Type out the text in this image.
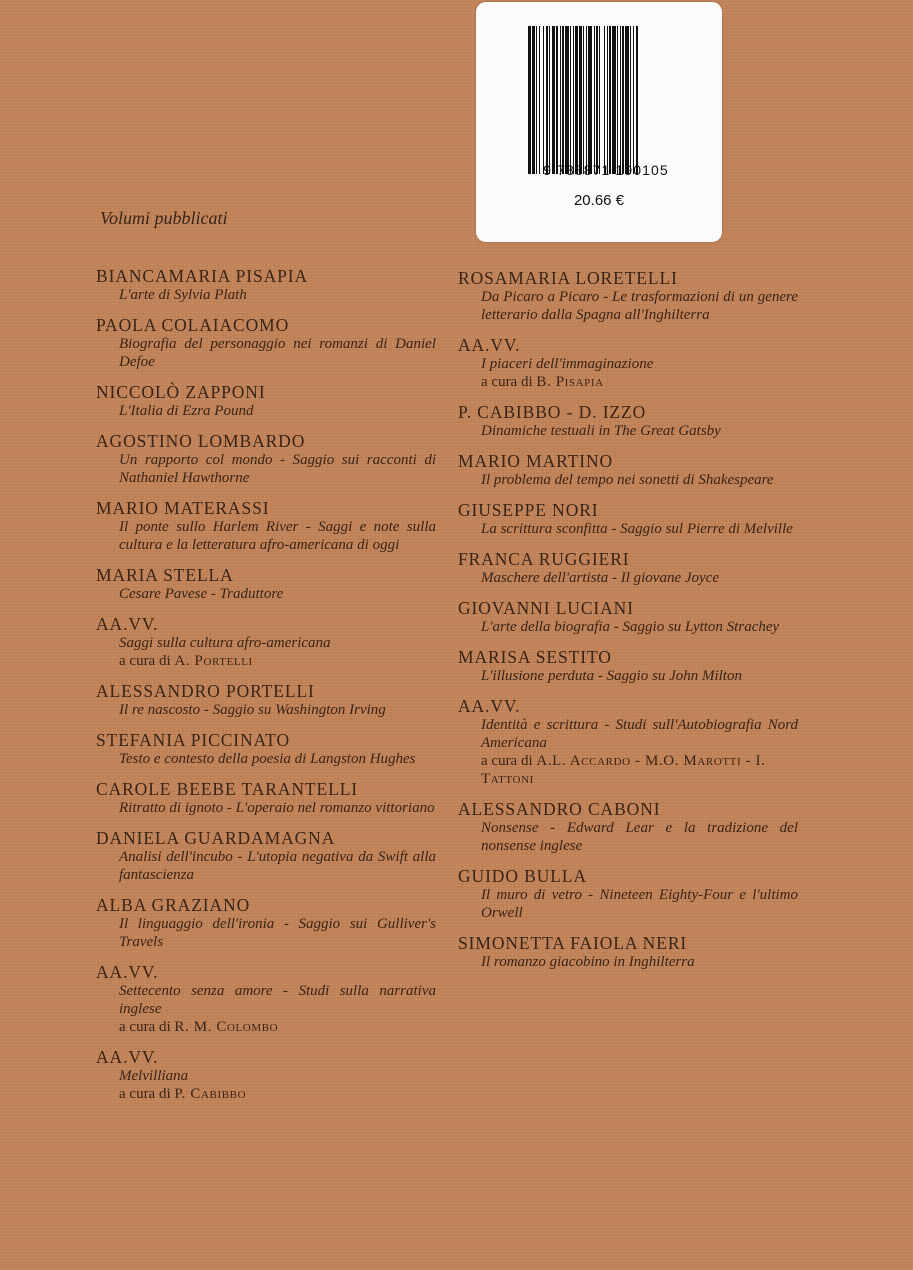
9 788871 190105
20.66 €
Volumi pubblicati
BIANCAMARIA PISAPIA
L'arte di Sylvia Plath
PAOLA COLAIACOMO
Biografia del personaggio nei romanzi di Daniel Defoe
NICCOLÒ ZAPPONI
L'Italia di Ezra Pound
AGOSTINO LOMBARDO
Un rapporto col mondo - Saggio sui racconti di Nathaniel Hawthorne
MARIO MATERASSI
Il ponte sullo Harlem River - Saggi e note sulla cultura e la letteratura afro-americana di oggi
MARIA STELLA
Cesare Pavese - Traduttore
AA.VV.
Saggi sulla cultura afro-americana
a cura di A. Portelli
ALESSANDRO PORTELLI
Il re nascosto - Saggio su Washington Irving
STEFANIA PICCINATO
Testo e contesto della poesia di Langston Hughes
CAROLE BEEBE TARANTELLI
Ritratto di ignoto - L'operaio nel romanzo vittoriano
DANIELA GUARDAMAGNA
Analisi dell'incubo - L'utopia negativa da Swift alla fantascienza
ALBA GRAZIANO
Il linguaggio dell'ironia - Saggio sui Gulliver's Travels
AA.VV.
Settecento senza amore - Studi sulla narrativa inglese
a cura di R. M. Colombo
AA.VV.
Melvilliana
a cura di P. Cabibbo
ROSAMARIA LORETELLI
Da Picaro a Picaro - Le trasformazioni di un genere letterario dalla Spagna all'Inghilterra
AA.VV.
I piaceri dell'immaginazione
a cura di B. Pisapia
P. CABIBBO - D. IZZO
Dinamiche testuali in The Great Gatsby
MARIO MARTINO
Il problema del tempo nei sonetti di Shakespeare
GIUSEPPE NORI
La scrittura sconfitta - Saggio sul Pierre di Melville
FRANCA RUGGIERI
Maschere dell'artista - Il giovane Joyce
GIOVANNI LUCIANI
L'arte della biografia - Saggio su Lytton Strachey
MARISA SESTITO
L'illusione perduta - Saggio su John Milton
AA.VV.
Identità e scrittura - Studi sull'Autobiografia Nord Americana
a cura di A.L. Accardo - M.O. Marotti - I. Tattoni
ALESSANDRO CABONI
Nonsense - Edward Lear e la tradizione del nonsense inglese
GUIDO BULLA
Il muro di vetro - Nineteen Eighty-Four e l'ultimo Orwell
SIMONETTA FAIOLA NERI
Il romanzo giacobino in Inghilterra
